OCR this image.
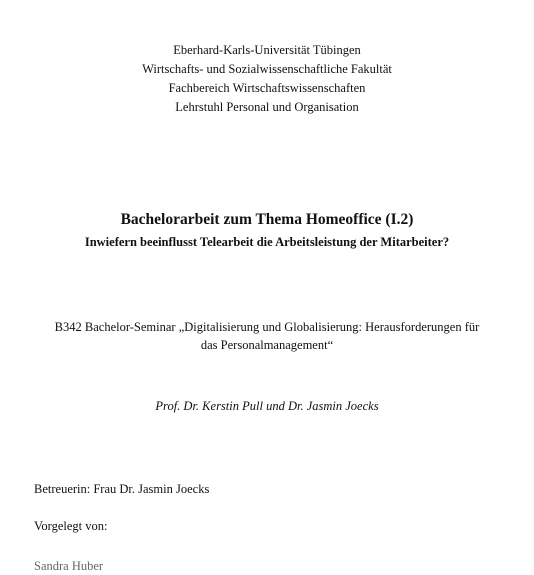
Eberhard-Karls-Universität Tübingen
Wirtschafts- und Sozialwissenschaftliche Fakultät
Fachbereich Wirtschaftswissenschaften
Lehrstuhl Personal und Organisation
Bachelorarbeit zum Thema Homeoffice (I.2)
Inwiefern beeinflusst Telearbeit die Arbeitsleistung der Mitarbeiter?
B342 Bachelor-Seminar „Digitalisierung und Globalisierung: Herausforderungen für
das Personalmanagement“
Prof. Dr. Kerstin Pull und Dr. Jasmin Joecks
Betreuerin: Frau Dr. Jasmin Joecks
Vorgelegt von:
Sandra Huber
